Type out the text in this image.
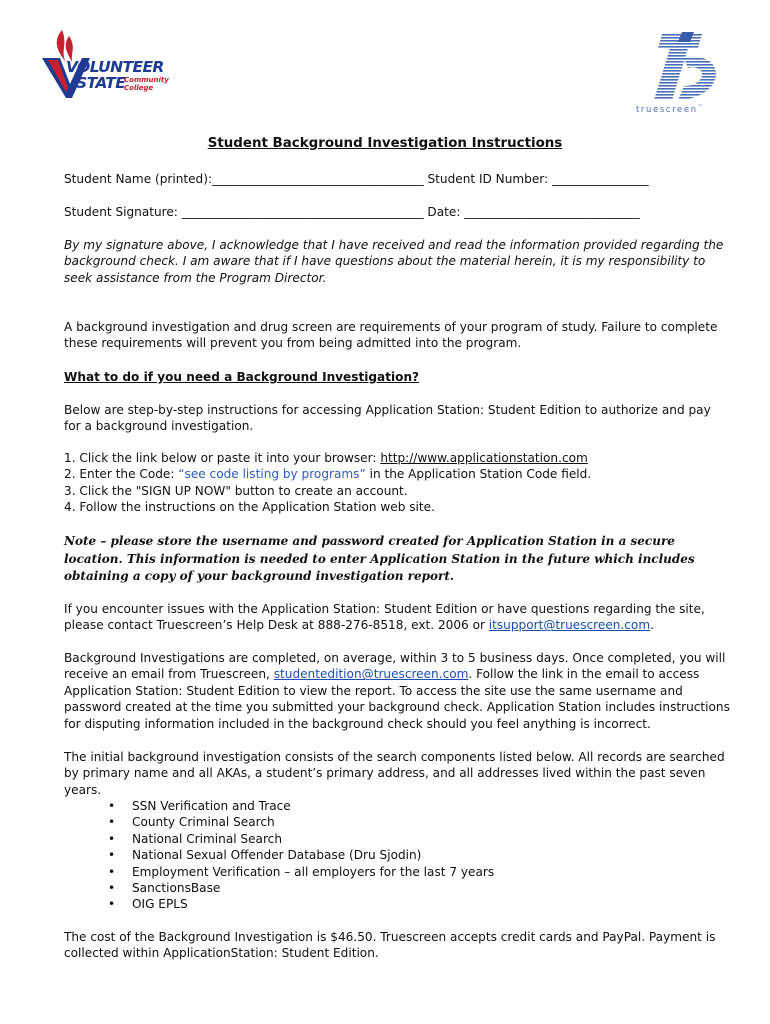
VOLUNTEER
STATE
Community
College
truescreen™
Student Background Investigation Instructions
Student Name (printed):___________________________________ Student ID Number: ________________
Student Signature: ________________________________________ Date: _____________________________
By my signature above, I acknowledge that I have received and read the information provided regarding the background check. I am aware that if I have questions about the material herein, it is my responsibility to seek assistance from the Program Director.
A background investigation and drug screen are requirements of your program of study. Failure to complete these requirements will prevent you from being admitted into the program.
What to do if you need a Background Investigation?
Below are step-by-step instructions for accessing Application Station: Student Edition to authorize and pay for a background investigation.
1. Click the link below or paste it into your browser: http://www.applicationstation.com
2. Enter the Code: “see code listing by programs” in the Application Station Code field.
3. Click the "SIGN UP NOW" button to create an account.
4. Follow the instructions on the Application Station web site.
Note – please store the username and password created for Application Station in a secure location. This information is needed to enter Application Station in the future which includes obtaining a copy of your background investigation report.
If you encounter issues with the Application Station: Student Edition or have questions regarding the site, please contact Truescreen’s Help Desk at 888-276-8518, ext. 2006 or itsupport@truescreen.com.
Background Investigations are completed, on average, within 3 to 5 business days. Once completed, you will receive an email from Truescreen, studentedition@truescreen.com. Follow the link in the email to access Application Station: Student Edition to view the report. To access the site use the same username and password created at the time you submitted your background check. Application Station includes instructions for disputing information included in the background check should you feel anything is incorrect.
The initial background investigation consists of the search components listed below. All records are searched by primary name and all AKAs, a student’s primary address, and all addresses lived within the past seven years.
• SSN Verification and Trace
• County Criminal Search
• National Criminal Search
• National Sexual Offender Database (Dru Sjodin)
• Employment Verification – all employers for the last 7 years
• SanctionsBase
• OIG EPLS
The cost of the Background Investigation is $46.50. Truescreen accepts credit cards and PayPal. Payment is collected within ApplicationStation: Student Edition.
